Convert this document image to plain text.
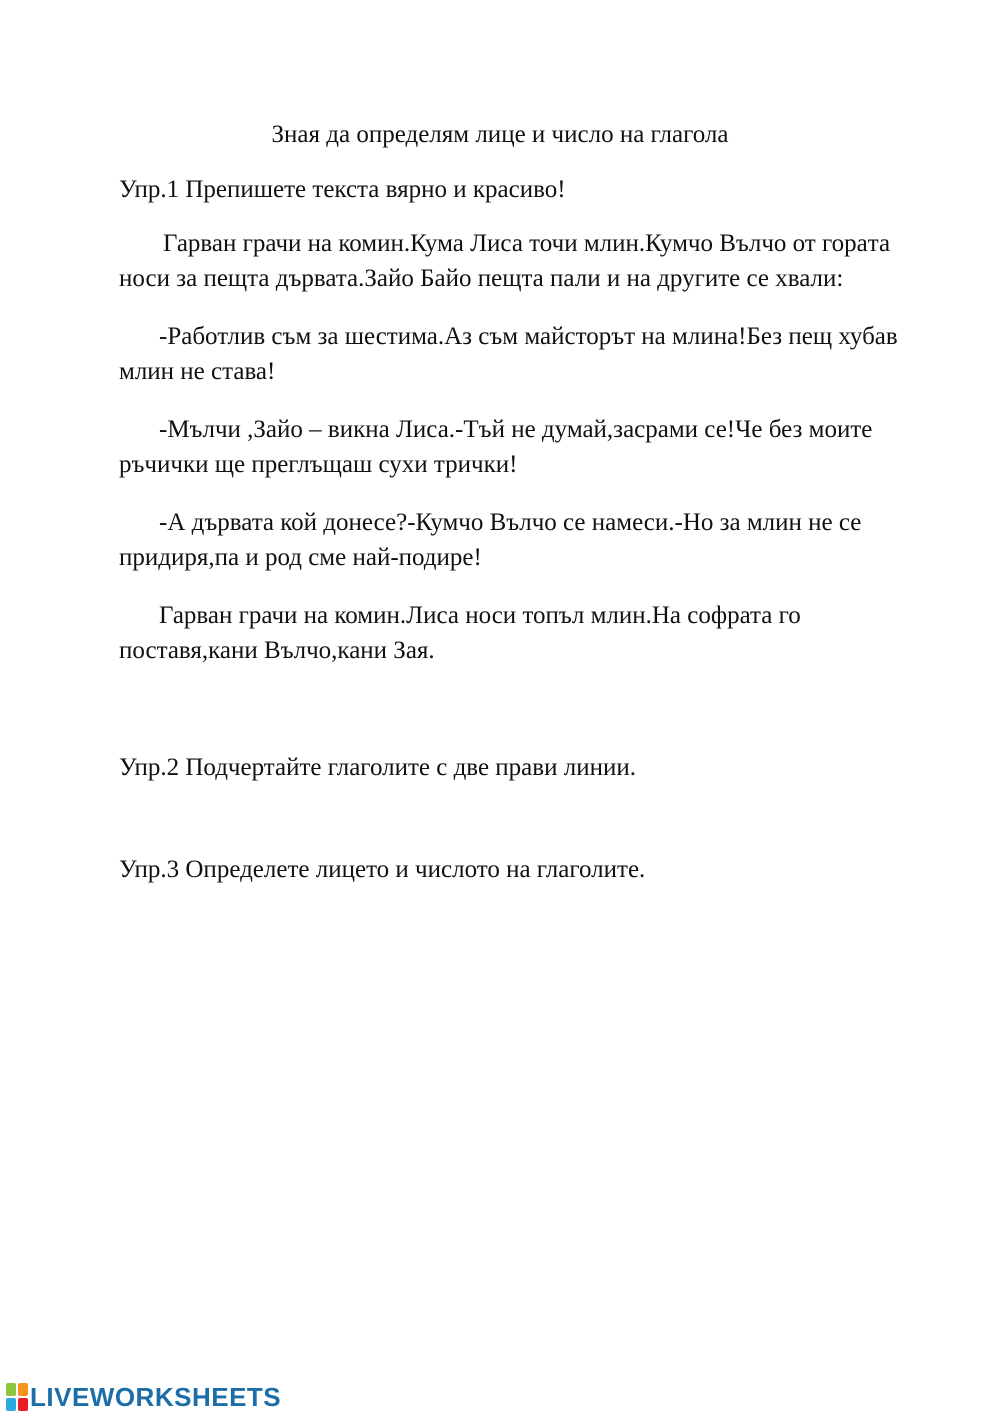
Зная да определям лице и число на глагола

Упр.1 Препишете текста вярно и красиво!

Гарван грачи на комин.Кума Лиса точи млин.Кумчо Вълчо от горaта носи за пещта дървата.Зайо Байо пещта пали и на другите се хвали:

-Работлив съм за шестима.Аз съм майсторът на млина!Без пещ хубав млин не става!

-Мълчи ,Зайо – викна Лиса.-Тъй не думай,засрами се!Че без моите ръчички ще преглъщаш сухи трички!

-А дървата кой донесе?-Кумчо Вълчо се намеси.-Но за млин не се придиря,па и род сме най-подире!

Гарван грачи на комин.Лиса носи топъл млин.На софрата го поставя,кани Вълчо,кани Зая.

Упр.2 Подчертайте глаголите с две прави линии.

Упр.3 Определете лицето и числото на глаголите.

LIVEWORKSHEETS
